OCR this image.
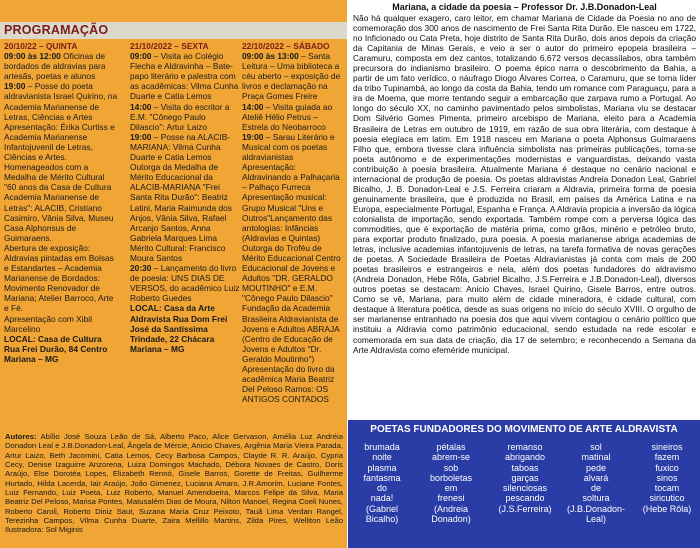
PROGRAMAÇÃO

20/10/22 – QUINTA

09:00 às 12:00 Oficinas de bordados de aldravias para artesãs, poetas e alunos

19:00 – Posse do poeta aldravianista Israel Quirino, na Academia Marianense de Letras, Ciências e Artes

Apresentação: Érika Curtiss e Academia Marianense Infantojuvenil de Letras, Ciências e Artes.

Homenageados com a Medalha de Mérito Cultural "60 anos da Casa de Cultura Academia Marianense de Letras": ALACIB, Cristiano Casimiro, Vânia Silva, Museu Casa Alphonsus de Guimaraens.

Abertura de exposição: Aldravias pintadas em Bolsas e Estandartes – Academia Marianense de Bordados: Movimento Renovador de Mariana; Atelier Barroco, Arte e Fé.

Apresentação com Xibil Marcelino

LOCAL: Casa de Cultura Rua Frei Durão, 84 Centro Mariana – MG

21/10/2022 – SEXTA

09:00 – Visita ao Colégio Flecha e Aldravinha – Bate-papo literário e palestra com as acadêmicas: Vilma Cunha Duarte e Catia Lemos

14:00 – Visita do escritor a E.M. "Cônego Paulo Dilascio": Artur Laizo

19:00 – Posse na ALACIB-MARIANA: Vilma Cunha Duarte e Catia Lemos

Outorga da Medalha de Mérito Educacional da ALACIB-MARIANA "Frei Santa Rita Durão": Beatriz Latini, Maria Raimunda dos Anjos, Vânia Silva, Rafael Arcanjo Santos, Anna Gabriela Marques Lima Mérito Cultural: Francisco Moura Santos

20:30 – Lançamento do livro de poesia: UNS DIAS DE VERSOS, do acadêmico Luiz Roberto Guedes

LOCAL: Casa da Arte Aldravista Rua Dom Frei José da Santíssima Trindade, 22 Chácara Mariana – MG

22/10/2022 – SÁBADO

09:00 às 13:00 – Santa Leitura – Uma biblioteca a céu aberto – exposição de livros e declamação na Praça Gomes Freire

14:00 – Visita guiada ao Ateliê Hélio Petrus – Estrela do Neobarroco

19:00 – Sarau Literário e Musical com os poetas aldravianistas

Apresentação: Aldravinando a Palhaçaria – Palhaço Furreca

Apresentação musical: Grupo Musical "Uns e Outros"Lançamento das antologias: Infâncias (Aldravias e Quintas)

Outorga do Troféu de Mérito Educacional Centro Educacional de Jovens e Adultos "DR. GERALDO MOUTINHO" e E.M. "Cônego Paulo Dilascio" Fundação da Academia Brasileira Aldravianista de Jovens e Adultos ABRAJA (Centro de Educação de Jovens e Adultos "Dr. Geraldo Moutinho")

Apresentação do livro da acadêmica Maria Beatriz Del Peloso Ramos: OS ANTIGOS CONTADOS

Autores: Abílio José Souza Leão de Sá, Alberto Paco, Alice Gervason, Amélia Luz Andréia Donadon Leal e J.B.Donadon-Leal, Ângela de Mércie, Anicio Chaves, Argênia Maria Vieira Parada, Artur Laizo, Beth Jacomini, Catia Lemos, Cecy Barbosa Campos, Clayde R. R. Araújo, Cypria Cecy, Denise Izaguirre Anzorena, Luiza Domingos Machado, Débora Novaes de Castro, Doris Araújo, Else Dorotéa Lopes, Elizabeth Rennó, Gisele Barros, Gorette de Freitas, Guilherme Hurtado, Hilda Lacerda, Iair Araújo, João Gimenez, Luciana Amaro, J.R.Amorim, Luciane Fontes, Luiz Fernando, Luiz Poeta, Luiz Roberto, Manuel Amendoeira, Marcos Felipe da Silva, Maria Beatriz Del Peloso, Marisa Pontes, Matusalém Dias de Moura, Nilton Manoel, Regina Coeli Nunes, Roberto Caroli, Roberto Diniz Saut, Suzana Maria Cruz Peixoto, Tauã Lima Verdan Rangel, Terezinha Campos, Vilma Cunha Duarte, Zaira Mellillo Martins, Zilda Pires, Welliton Leão Ilustradora: Sol Miginis
Mariana, a cidade da poesia – Professor Dr. J.B.Donadon-Leal
Não há qualquer exagero, caro leitor, em chamar Mariana de Cidade da Poesia no ano de comemoração dos 300 anos de nascimento de Frei Santa Rita Durão. Ele nasceu em 1722, no Inficionado ou Cata Preta, hoje distrito de Santa Rita Durão, dois anos depois da criação da Capitania de Minas Gerais, e veio a ser o autor do primeiro epopeia brasileira – Caramuru, composta em dez cantos, totalizando 6.672 versos decassílabos, obra também precursora do indianismo brasileiro. O poema épico narra o descobrimento da Bahia, a partir de um fato verídico, o náufrago Diogo Álvares Correa, o Caramuru, que se torna líder da tribo Tupinambá, ao longo da costa da Bahia, tendo um romance com Paraguaçu, para a ira de Moema, que morre tentando seguir a embarcação que zarpava rumo a Portugal. Ao longo do século XX, no caminho pavimentado pelos simbolistas, Mariana viu se destacar Dom Silvério Gomes Pimenta, primeiro arcebispo de Mariana, eleito para a Academia Brasileira de Letras em outubro de 1919, em razão de sua obra literária, com destaque à poesia elegíaca em latim. Em 1918 nasceu em Mariana o poeta Alphonsus Guimaraens Filho que, embora tivesse clara influência simbolista nas primeiras publicações, torna-se poeta autônomo e de experimentações modernistas e vanguardistas, deixando vasta contribuição à poesia brasileira. Atualmente Mariana é destaque no cenário nacional e internacional de produção de poesia. Os poetas aldravistas Andreia Donadon Leal, Gabriel Bicalho, J. B. Donadon-Leal e J.S. Ferreira criaram a Aldravia, primeira forma de poesia genuinamente brasileira, que é produzida no Brasil, em países da América Latina e na Europa, especialmente Portugal, Espanha e França. A Aldravia propicia a inversão da lógica colonialista de importação, sendo exportada. Também rompe com a perversa lógica das commodities, que é exportação de matéria prima, como grãos, minério e petróleo bruto, para exportar produto finalizado, pura poesia. A poesia marianense abriga academias de letras, inclusive academias infantojuvenis de letras, na tarefa formativa de novas gerações de poetas. A Sociedade Brasileira de Poetas Aldravianistas já conta com mais de 200 poetas brasileiros e estrangeiros e nela, além dos poetas fundadores do aldravismo (Andreia Donadon, Hebe Rôla, Gabriel Bicalho, J.S.Ferreira e J.B.Donadon-Leal), diversos outros poetas se destacam: Anicio Chaves, Israel Quirino, Gisele Barros, entre outros. Como se vê, Mariana, para muito além de cidade mineradora, é cidade cultural, com destaque à literatura poética, desde as suas origens no início do século XVIII. O orgulho de ser marianense entranhado na poesia dos que aqui vivem contagiou o cenário político que instituiu a Aldravia como patrimônio educacional, sendo estudada na rede escolar e comemorada em sua data de criação, dia 17 de setembro; e reconhecendo a Semana da Arte Aldravista como efeméride municipal.
POETAS FUNDADORES DO MOVIMENTO DE ARTE ALDRAVISTA
brumada
noite
plasma
fantasma
do
nada!
(Gabriel
Bicalho)
pétalas
abrem-se
sob
borboletas
em
frenesi
(Andreia
Donadon)
remanso
abrigando
taboas
garças
silenciosas
pescando
(J.S.Ferreira)
sol
matinal
pede
alvará
de
soltura
(J.B.Donadon-
Leal)
sineiros
fazem
fuxico
sinos
tocam
siricutico
(Hebe Rôla)
